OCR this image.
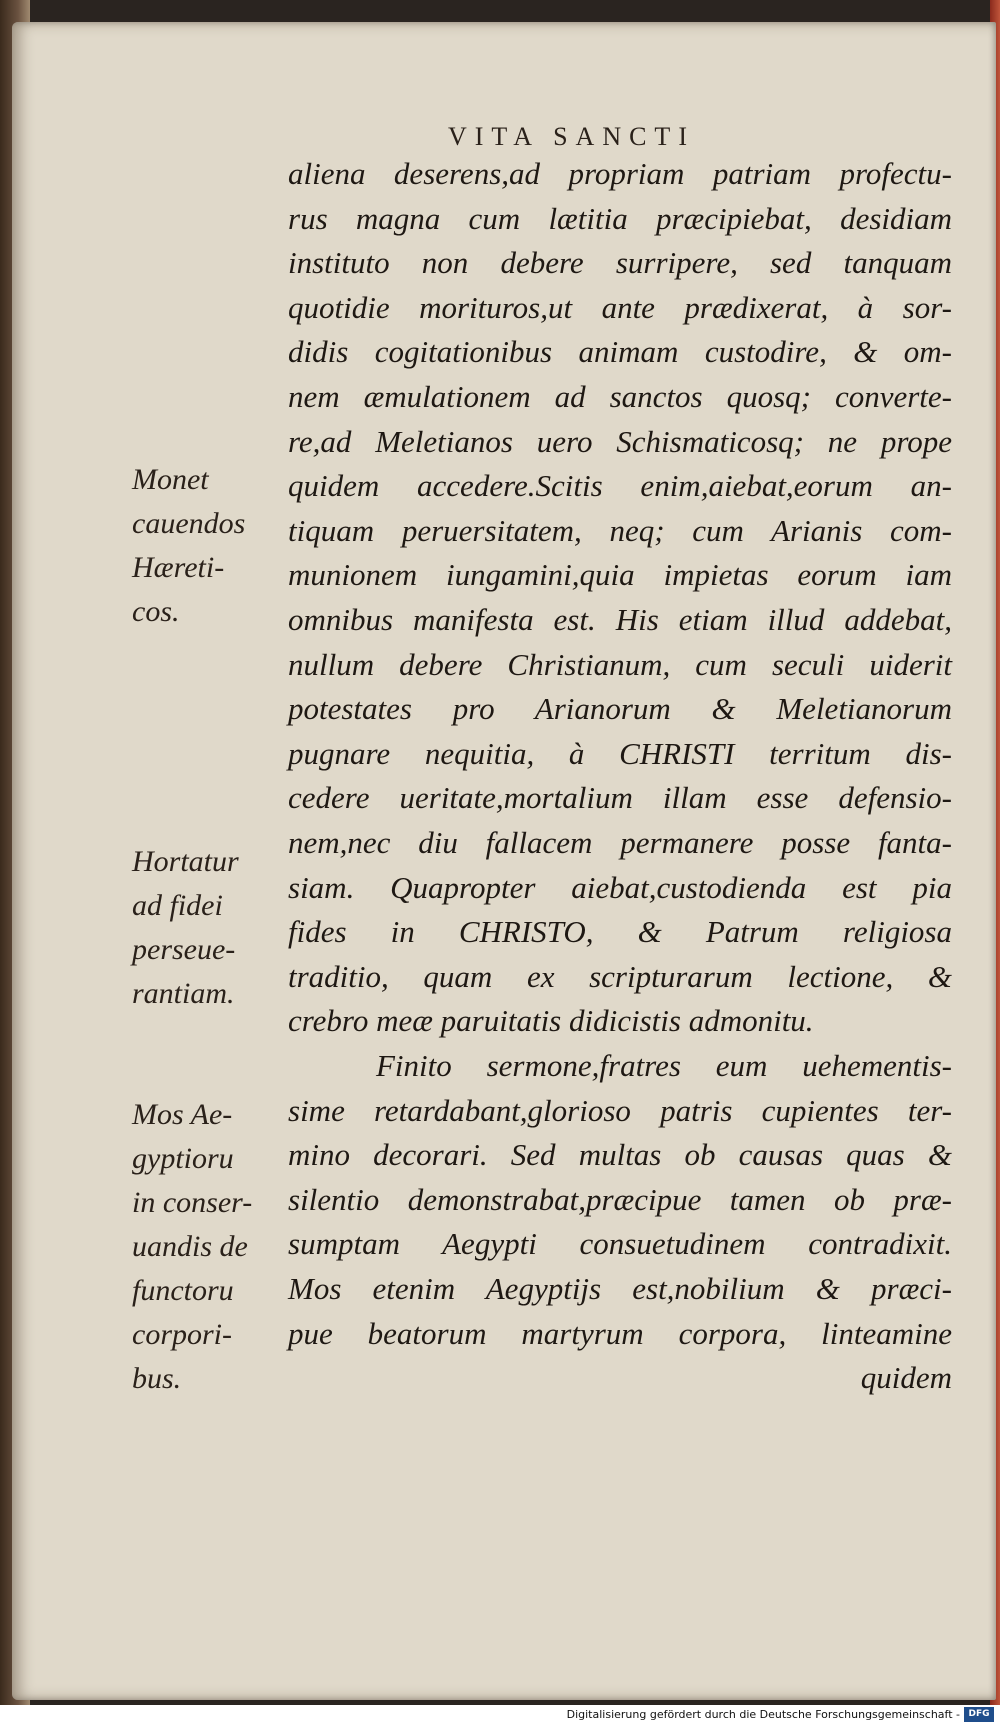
VITA SANCTI
aliena deserens,ad propriam patriam profectu-
rus magna cum lætitia præcipiebat, desidiam
instituto non debere surripere, sed tanquam
quotidie morituros,ut ante prædixerat, à sor-
didis cogitationibus animam custodire, & om-
nem æmulationem ad sanctos quosq; converte-
re,ad Meletianos uero Schismaticosq; ne prope
quidem accedere.Scitis enim,aiebat,eorum an-
tiquam peruersitatem, neq; cum Arianis com-
munionem iungamini,quia impietas eorum iam
omnibus manifesta est. His etiam illud addebat,
nullum debere Christianum, cum seculi uiderit
potestates pro Arianorum & Meletianorum
pugnare nequitia, à CHRISTI territum dis-
cedere ueritate,mortalium illam esse defensio-
nem,nec diu fallacem permanere posse fanta-
siam. Quapropter aiebat,custodienda est pia
fides in CHRISTO, & Patrum religiosa
traditio, quam ex scripturarum lectione, &
crebro meæ paruitatis didicistis admonitu.
Finito sermone,fratres eum uehementis-
sime retardabant,glorioso patris cupientes ter-
mino decorari. Sed multas ob causas quas &
silentio demonstrabat,præcipue tamen ob præ-
sumptam Aegypti consuetudinem contradixit.
Mos etenim Aegyptijs est,nobilium & præci-
pue beatorum martyrum corpora, linteamine
quidem
Monet
cauendos
Hæreti-
cos.
Hortatur
ad fidei
perseue-
rantiam.
Mos Ae-
gyptioru
in conser-
uandis de
functoru
corpori-
bus.
Digitalisierung gefördert durch die Deutsche Forschungsgemeinschaft - DFG
